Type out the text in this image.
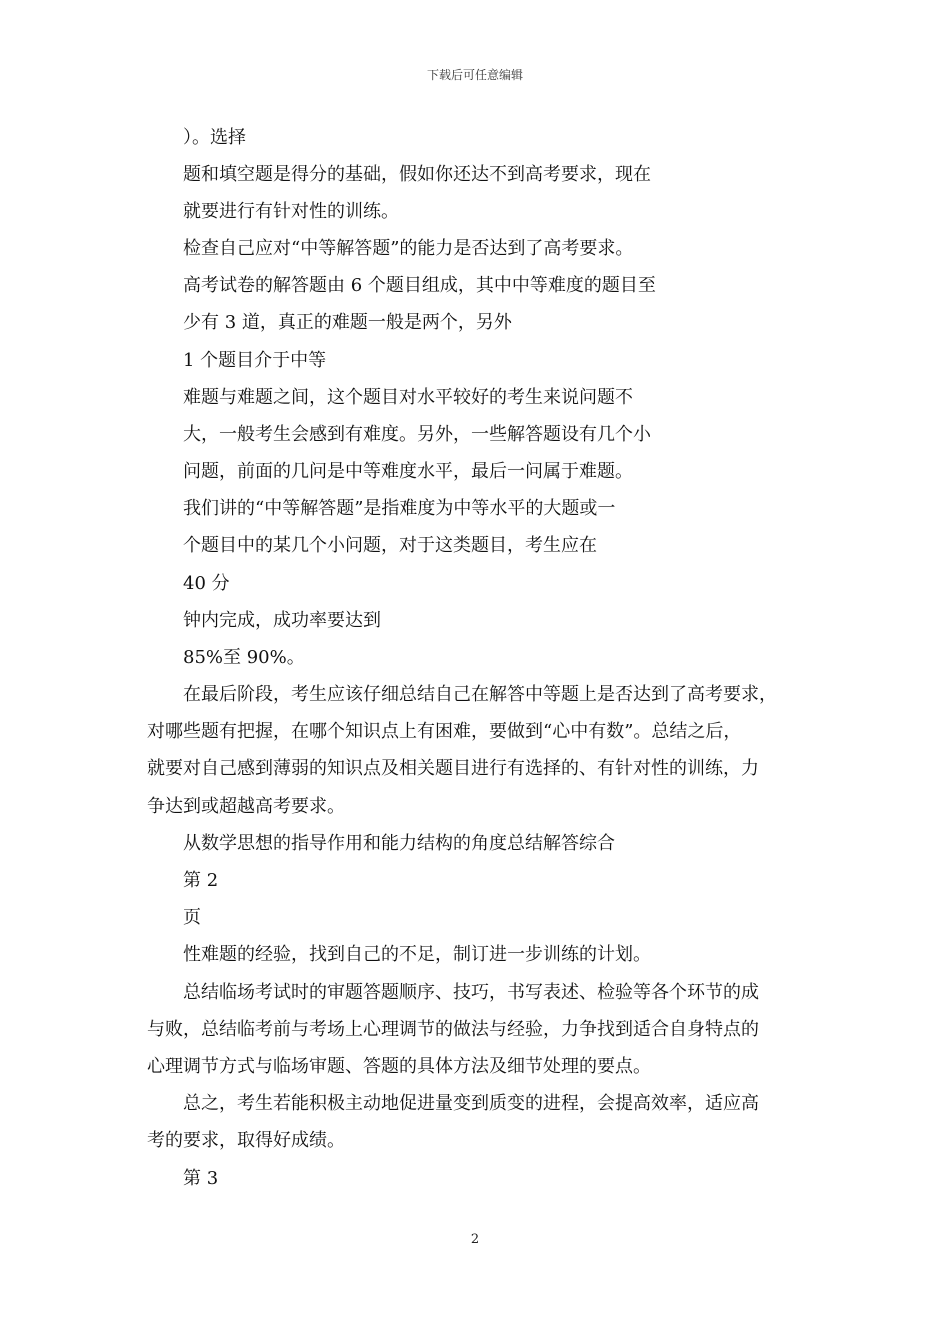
下载后可任意编辑
）。选择
题和填空题是得分的基础，假如你还达不到高考要求，现在
就要进行有针对性的训练。
检查自己应对“中等解答题”的能力是否达到了高考要求。
高考试卷的解答题由 6 个题目组成，其中中等难度的题目至
少有 3 道，真正的难题一般是两个，另外
1 个题目介于中等
难题与难题之间，这个题目对水平较好的考生来说问题不
大，一般考生会感到有难度。另外，一些解答题设有几个小
问题，前面的几问是中等难度水平，最后一问属于难题。
我们讲的“中等解答题”是指难度为中等水平的大题或一
个题目中的某几个小问题，对于这类题目，考生应在
40 分
钟内完成，成功率要达到
85%至 90%。
在最后阶段，考生应该仔细总结自己在解答中等题上是否达到了高考要求，
对哪些题有把握，在哪个知识点上有困难，要做到“心中有数”。总结之后，
就要对自己感到薄弱的知识点及相关题目进行有选择的、有针对性的训练，力
争达到或超越高考要求。
从数学思想的指导作用和能力结构的角度总结解答综合
第 2
页
性难题的经验，找到自己的不足，制订进一步训练的计划。
总结临场考试时的审题答题顺序、技巧，书写表述、检验等各个环节的成
与败，总结临考前与考场上心理调节的做法与经验，力争找到适合自身特点的
心理调节方式与临场审题、答题的具体方法及细节处理的要点。
总之，考生若能积极主动地促进量变到质变的进程，会提高效率，适应高
考的要求，取得好成绩。
第 3
2
